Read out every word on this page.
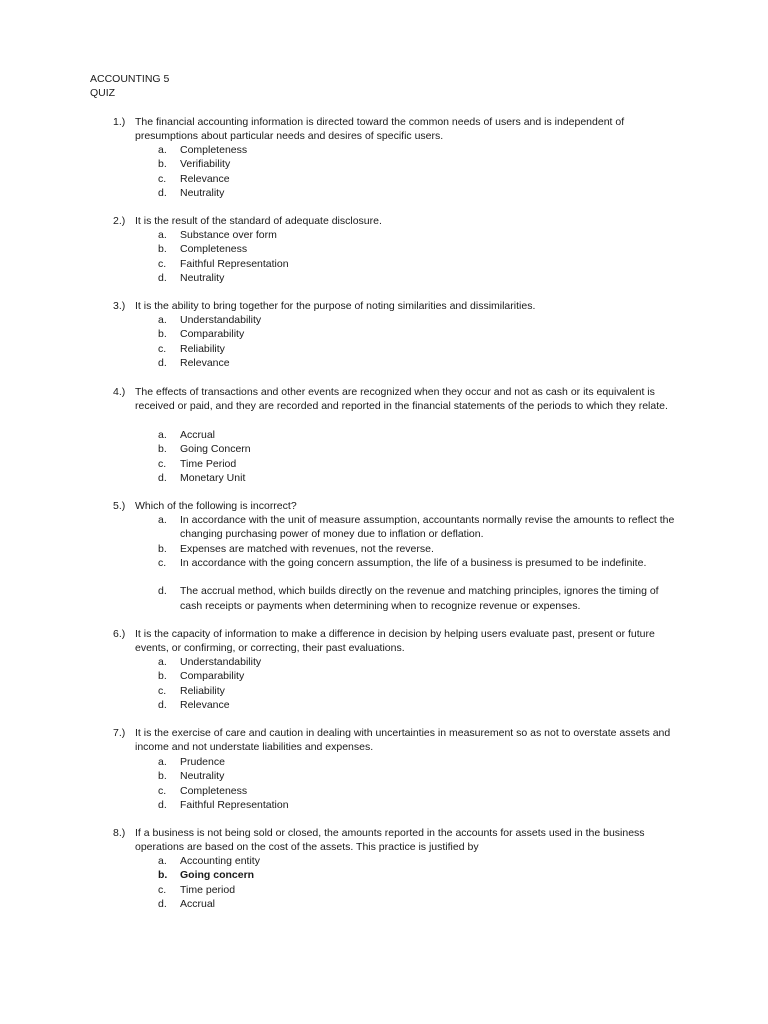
ACCOUNTING 5
QUIZ
1.) The financial accounting information is directed toward the common needs of users and is independent of presumptions about particular needs and desires of specific users.
a.	Completeness
b.	Verifiability
c.	Relevance
d.	Neutrality
2.) It is the result of the standard of adequate disclosure.
a.	Substance over form
b.	Completeness
c.	Faithful Representation
d.	Neutrality
3.) It is the ability to bring together for the purpose of noting similarities and dissimilarities.
a.	Understandability
b.	Comparability
c.	Reliability
d.	Relevance
4.) The effects of transactions and other events are recognized when they occur and not as cash or its equivalent is received or paid, and they are recorded and reported in the financial statements of the periods to which they relate.
a.	Accrual
b.	Going Concern
c.	Time Period
d.	Monetary Unit
5.) Which of the following is incorrect?
a.	In accordance with the unit of measure assumption, accountants normally revise the amounts to reflect the changing purchasing power of money due to inflation or deflation.
b.	Expenses are matched with revenues, not the reverse.
c.	In accordance with the going concern assumption, the life of a business is presumed to be indefinite.
d.	The accrual method, which builds directly on the revenue and matching principles, ignores the timing of cash receipts or payments when determining when to recognize revenue or expenses.
6.) It is the capacity of information to make a difference in decision by helping users evaluate past, present or future events, or confirming, or correcting, their past evaluations.
a.	Understandability
b.	Comparability
c.	Reliability
d.	Relevance
7.) It is the exercise of care and caution in dealing with uncertainties in measurement so as not to overstate assets and income and not understate liabilities and expenses.
a.	Prudence
b.	Neutrality
c.	Completeness
d.	Faithful Representation
8.) If a business is not being sold or closed, the amounts reported in the accounts for assets used in the business operations are based on the cost of the assets. This practice is justified by
a.	Accounting entity
b.	Going concern
c.	Time period
d.	Accrual
